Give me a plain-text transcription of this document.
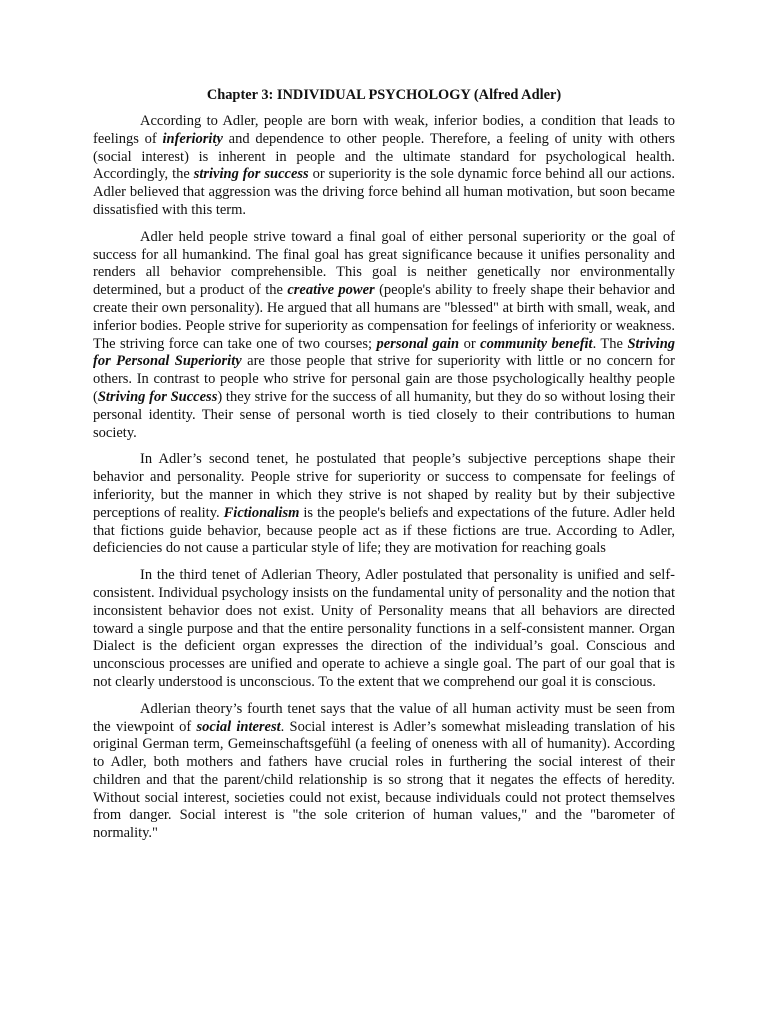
Chapter 3: INDIVIDUAL PSYCHOLOGY (Alfred Adler)

According to Adler, people are born with weak, inferior bodies, a condition that leads to feelings of inferiority and dependence to other people. Therefore, a feeling of unity with others (social interest) is inherent in people and the ultimate standard for psychological health. Accordingly, the striving for success or superiority is the sole dynamic force behind all our actions. Adler believed that aggression was the driving force behind all human motivation, but soon became dissatisfied with this term.

Adler held people strive toward a final goal of either personal superiority or the goal of success for all humankind. The final goal has great significance because it unifies personality and renders all behavior comprehensible. This goal is neither genetically nor environmentally determined, but a product of the creative power (people's ability to freely shape their behavior and create their own personality). He argued that all humans are "blessed" at birth with small, weak, and inferior bodies. People strive for superiority as compensation for feelings of inferiority or weakness. The striving force can take one of two courses; personal gain or community benefit. The Striving for Personal Superiority are those people that strive for superiority with little or no concern for others. In contrast to people who strive for personal gain are those psychologically healthy people (Striving for Success) they strive for the success of all humanity, but they do so without losing their personal identity. Their sense of personal worth is tied closely to their contributions to human society.

In Adler’s second tenet, he postulated that people’s subjective perceptions shape their behavior and personality. People strive for superiority or success to compensate for feelings of inferiority, but the manner in which they strive is not shaped by reality but by their subjective perceptions of reality. Fictionalism is the people's beliefs and expectations of the future. Adler held that fictions guide behavior, because people act as if these fictions are true. According to Adler, deficiencies do not cause a particular style of life; they are motivation for reaching goals

In the third tenet of Adlerian Theory, Adler postulated that personality is unified and self-consistent. Individual psychology insists on the fundamental unity of personality and the notion that inconsistent behavior does not exist. Unity of Personality means that all behaviors are directed toward a single purpose and that the entire personality functions in a self-consistent manner. Organ Dialect is the deficient organ expresses the direction of the individual’s goal. Conscious and unconscious processes are unified and operate to achieve a single goal. The part of our goal that is not clearly understood is unconscious. To the extent that we comprehend our goal it is conscious.

Adlerian theory’s fourth tenet says that the value of all human activity must be seen from the viewpoint of social interest. Social interest is Adler’s somewhat misleading translation of his original German term, Gemeinschaftsgefühl (a feeling of oneness with all of humanity). According to Adler, both mothers and fathers have crucial roles in furthering the social interest of their children and that the parent/child relationship is so strong that it negates the effects of heredity. Without social interest, societies could not exist, because individuals could not protect themselves from danger. Social interest is "the sole criterion of human values," and the "barometer of normality."
